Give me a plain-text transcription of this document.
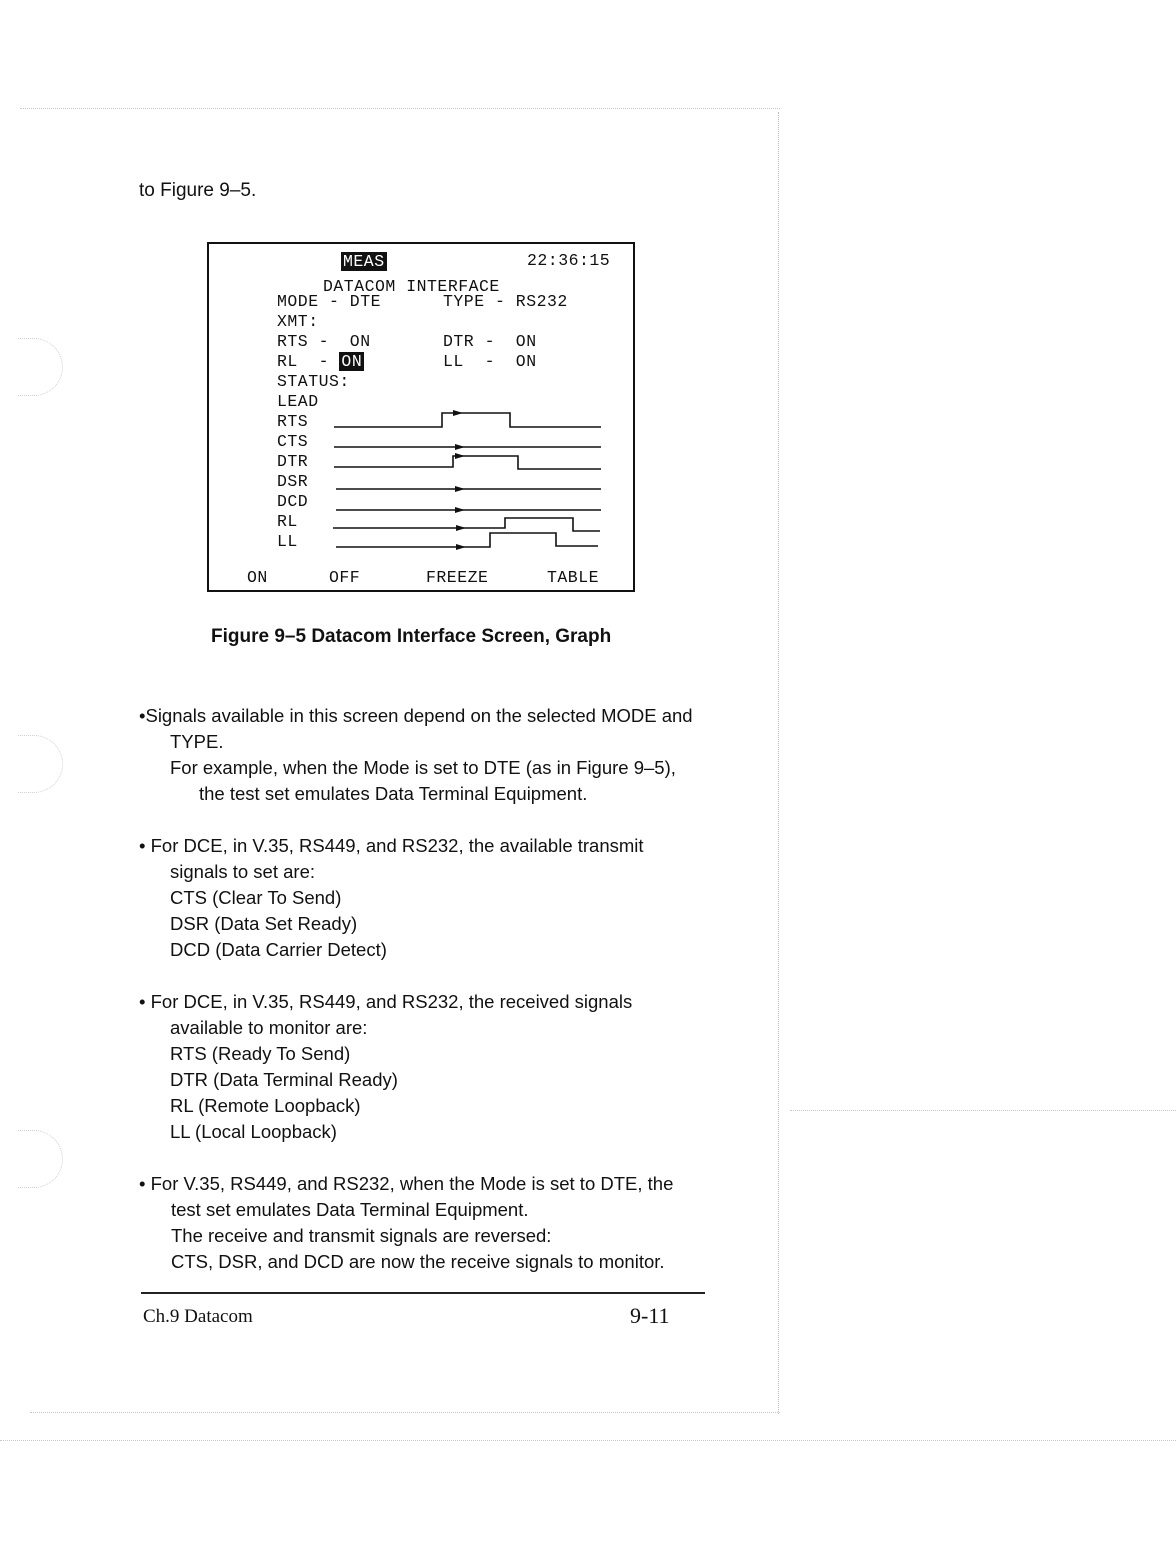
to Figure 9–5.
MEAS	22:36:15
DATACOM INTERFACE
MODE - DTE	TYPE - RS232
XMT:
RTS -  ON	DTR -  ON
RL  - ON	LL  -  ON
STATUS:
LEAD
RTS
CTS
DTR
DSR
DCD
RL
LL
ON	OFF	FREEZE	TABLE
Figure 9–5 Datacom Interface Screen, Graph
•Signals available in this screen depend on the selected MODE and
TYPE.
For example, when the Mode is set to DTE (as in Figure 9–5),
the test set emulates Data Terminal Equipment.
• For DCE, in V.35, RS449, and RS232, the available transmit
signals to set are:
CTS (Clear To Send)
DSR (Data Set Ready)
DCD (Data Carrier Detect)
• For DCE, in V.35, RS449, and RS232, the received signals
available to monitor are:
RTS (Ready To Send)
DTR (Data Terminal Ready)
RL (Remote Loopback)
LL (Local Loopback)
• For V.35, RS449, and RS232, when the Mode is set to DTE, the
test set emulates Data Terminal Equipment.
The receive and transmit signals are reversed:
CTS, DSR, and DCD are now the receive signals to monitor.
Ch.9 Datacom	9-11
